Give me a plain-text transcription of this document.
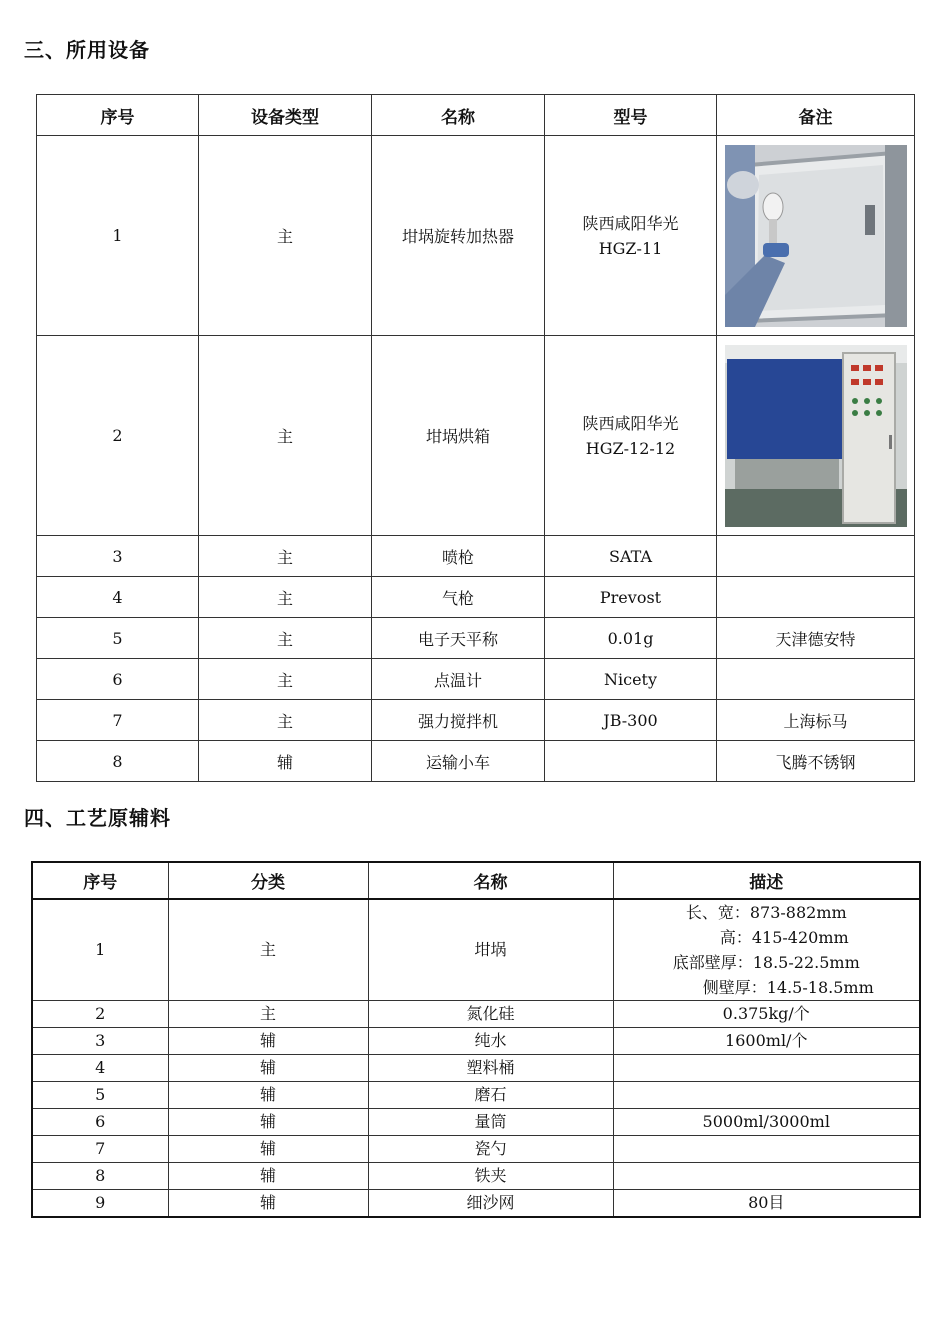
三、所用设备
序号	设备类型	名称	型号	备注
1	主	坩埚旋转加热器	陕西咸阳华光
HGZ-11

2	主	坩埚烘箱	陕西咸阳华光
HGZ-12-12

3	主	喷枪	SATA	
4	主	气枪	Prevost	
5	主	电子天平称	0.01g	天津德安特
6	主	点温计	Nicety	
7	主	强力搅拌机	JB-300	上海标马
8	辅	运输小车		飞腾不锈钢
四、工艺原辅料
序号	分类	名称	描述
1	主	坩埚	长、宽：873-882mm
高：415-420mm
底部壁厚：18.5-22.5mm
侧壁厚：14.5-18.5mm

2	主	氮化硅	0.375kg/个
3	辅	纯水	1600ml/个
4	辅	塑料桶	
5	辅	磨石	
6	辅	量筒	5000ml/3000ml
7	辅	瓷勺	
8	辅	铁夹	
9	辅	细沙网	80目
